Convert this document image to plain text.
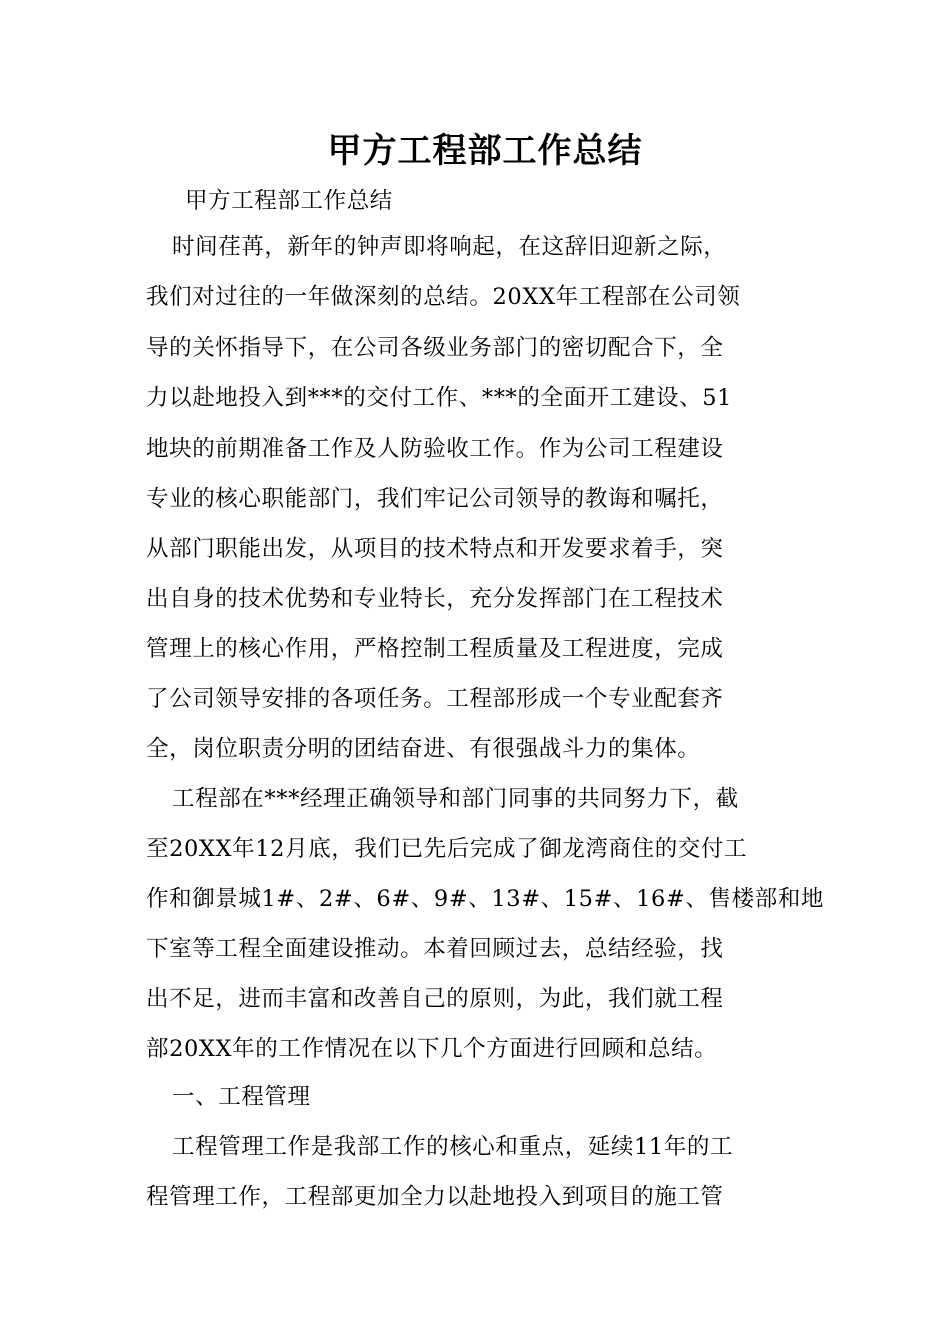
甲方工程部工作总结
甲方工程部工作总结
时间荏苒，新年的钟声即将响起，在这辞旧迎新之际，
我们对过往的一年做深刻的总结。20XX年工程部在公司领
导的关怀指导下，在公司各级业务部门的密切配合下，全
力以赴地投入到***的交付工作、***的全面开工建设、51
地块的前期准备工作及人防验收工作。作为公司工程建设
专业的核心职能部门，我们牢记公司领导的教诲和嘱托，
从部门职能出发，从项目的技术特点和开发要求着手，突
出自身的技术优势和专业特长，充分发挥部门在工程技术
管理上的核心作用，严格控制工程质量及工程进度，完成
了公司领导安排的各项任务。工程部形成一个专业配套齐
全，岗位职责分明的团结奋进、有很强战斗力的集体。
工程部在***经理正确领导和部门同事的共同努力下，截
至20XX年12月底，我们已先后完成了御龙湾商住的交付工
作和御景城1#、2#、6#、9#、13#、15#、16#、售楼部和地
下室等工程全面建设推动。本着回顾过去，总结经验，找
出不足，进而丰富和改善自己的原则，为此，我们就工程
部20XX年的工作情况在以下几个方面进行回顾和总结。
一、工程管理
工程管理工作是我部工作的核心和重点，延续11年的工
程管理工作，工程部更加全力以赴地投入到项目的施工管
